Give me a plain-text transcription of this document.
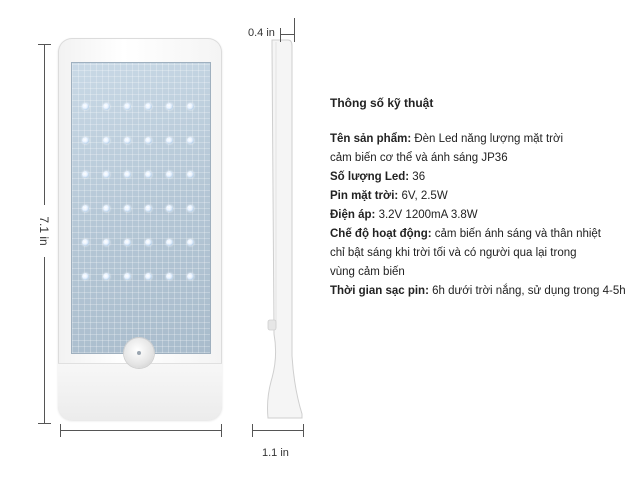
7.1 in
0.4 in
1.1 in
Thông số kỹ thuật
Tên sản phẩm: Đèn Led năng lượng mặt trời
cảm biến cơ thể và ánh sáng JP36
Số lượng Led: 36
Pin mặt trời: 6V, 2.5W
Điện áp: 3.2V 1200mA 3.8W
Chế độ hoạt động: cảm biến ánh sáng và thân nhiệt
chỉ bật sáng khi trời tối và có người qua lại trong
vùng cảm biến
Thời gian sạc pin: 6h dưới trời nắng, sử dụng trong 4-5h
